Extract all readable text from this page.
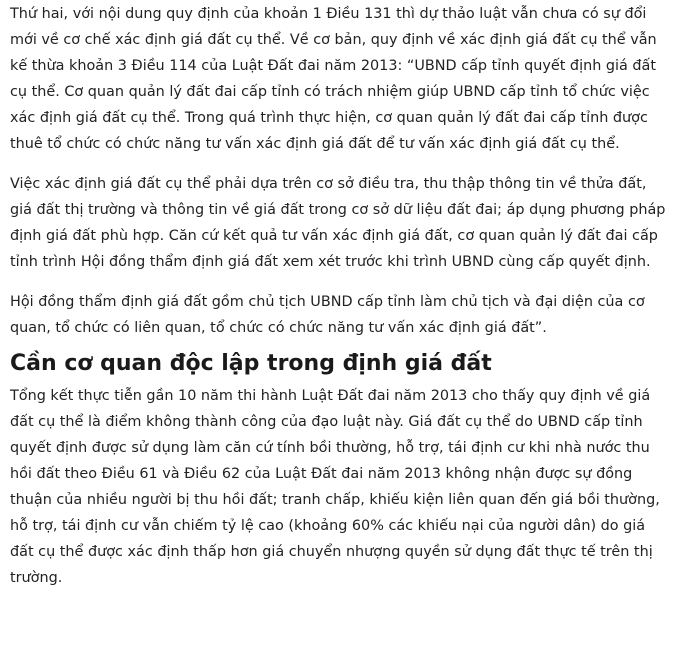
Thứ hai, với nội dung quy định của khoản 1 Điều 131 thì dự thảo luật vẫn chưa có sự đổi mới về cơ chế xác định giá đất cụ thể. Về cơ bản, quy định về xác định giá đất cụ thể vẫn kế thừa khoản 3 Điều 114 của Luật Đất đai năm 2013: “UBND cấp tỉnh quyết định giá đất cụ thể. Cơ quan quản lý đất đai cấp tỉnh có trách nhiệm giúp UBND cấp tỉnh tổ chức việc xác định giá đất cụ thể. Trong quá trình thực hiện, cơ quan quản lý đất đai cấp tỉnh được thuê tổ chức có chức năng tư vấn xác định giá đất để tư vấn xác định giá đất cụ thể.

Việc xác định giá đất cụ thể phải dựa trên cơ sở điều tra, thu thập thông tin về thửa đất, giá đất thị trường và thông tin về giá đất trong cơ sở dữ liệu đất đai; áp dụng phương pháp định giá đất phù hợp. Căn cứ kết quả tư vấn xác định giá đất, cơ quan quản lý đất đai cấp tỉnh trình Hội đồng thẩm định giá đất xem xét trước khi trình UBND cùng cấp quyết định.

Hội đồng thẩm định giá đất gồm chủ tịch UBND cấp tỉnh làm chủ tịch và đại diện của cơ quan, tổ chức có liên quan, tổ chức có chức năng tư vấn xác định giá đất”.

Cần cơ quan độc lập trong định giá đất

Tổng kết thực tiễn gần 10 năm thi hành Luật Đất đai năm 2013 cho thấy quy định về giá đất cụ thể là điểm không thành công của đạo luật này. Giá đất cụ thể do UBND cấp tỉnh quyết định được sử dụng làm căn cứ tính bồi thường, hỗ trợ, tái định cư khi nhà nước thu hồi đất theo Điều 61 và Điều 62 của Luật Đất đai năm 2013 không nhận được sự đồng thuận của nhiều người bị thu hồi đất; tranh chấp, khiếu kiện liên quan đến giá bồi thường, hỗ trợ, tái định cư vẫn chiếm tỷ lệ cao (khoảng 60% các khiếu nại của người dân) do giá đất cụ thể được xác định thấp hơn giá chuyển nhượng quyền sử dụng đất thực tế trên thị trường.
